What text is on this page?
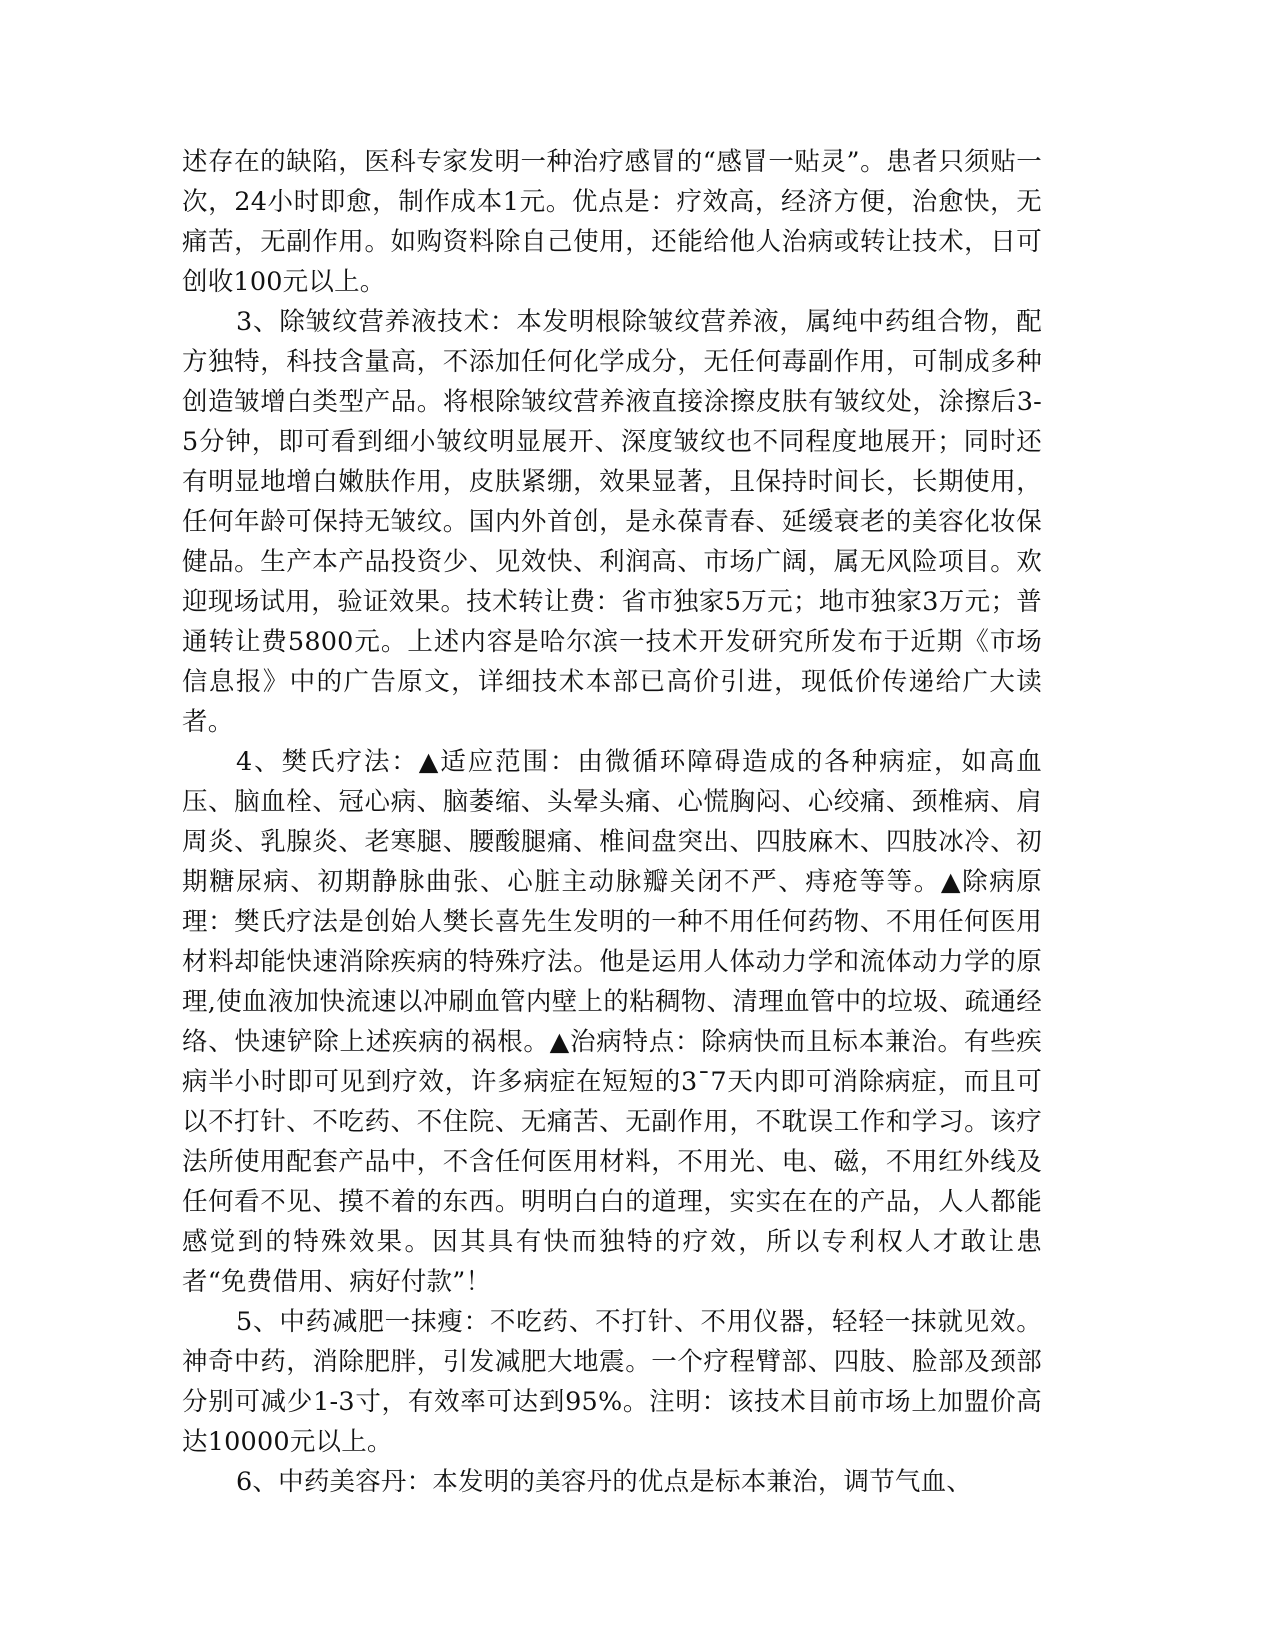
述存在的缺陷，医科专家发明一种治疗感冒的“感冒一贴灵”。患者只须贴一次，24小时即愈，制作成本1元。优点是：疗效高，经济方便，治愈快，无痛苦，无副作用。如购资料除自己使用，还能给他人治病或转让技术，日可创收100元以上。

3、除皱纹营养液技术：本发明根除皱纹营养液，属纯中药组合物，配方独特，科技含量高，不添加任何化学成分，无任何毒副作用，可制成多种创造皱增白类型产品。将根除皱纹营养液直接涂擦皮肤有皱纹处，涂擦后3-5分钟，即可看到细小皱纹明显展开、深度皱纹也不同程度地展开；同时还有明显地增白嫩肤作用，皮肤紧绷，效果显著，且保持时间长，长期使用，任何年龄可保持无皱纹。国内外首创，是永葆青春、延缓衰老的美容化妆保健品。生产本产品投资少、见效快、利润高、市场广阔，属无风险项目。欢迎现场试用，验证效果。技术转让费：省市独家5万元；地市独家3万元；普通转让费5800元。上述内容是哈尔滨一技术开发研究所发布于近期《市场信息报》中的广告原文，详细技术本部已高价引进，现低价传递给广大读者。

4、樊氏疗法：▲适应范围：由微循环障碍造成的各种病症，如高血压、脑血栓、冠心病、脑萎缩、头晕头痛、心慌胸闷、心绞痛、颈椎病、肩周炎、乳腺炎、老寒腿、腰酸腿痛、椎间盘突出、四肢麻木、四肢冰冷、初期糖尿病、初期静脉曲张、心脏主动脉瓣关闭不严、痔疮等等。▲除病原理：樊氏疗法是创始人樊长喜先生发明的一种不用任何药物、不用任何医用材料却能快速消除疾病的特殊疗法。他是运用人体动力学和流体动力学的原理,使血液加快流速以冲刷血管内壁上的粘稠物、清理血管中的垃圾、疏通经络、快速铲除上述疾病的祸根。▲治病特点：除病快而且标本兼治。有些疾病半小时即可见到疗效，许多病症在短短的3¯7天内即可消除病症，而且可以不打针、不吃药、不住院、无痛苦、无副作用，不耽误工作和学习。该疗法所使用配套产品中，不含任何医用材料，不用光、电、磁，不用红外线及任何看不见、摸不着的东西。明明白白的道理，实实在在的产品，人人都能感觉到的特殊效果。因其具有快而独特的疗效，所以专利权人才敢让患者“免费借用、病好付款”！

5、中药减肥一抹瘦：不吃药、不打针、不用仪器，轻轻一抹就见效。神奇中药，消除肥胖，引发减肥大地震。一个疗程臂部、四肢、脸部及颈部分别可减少1-3寸，有效率可达到95%。注明：该技术目前市场上加盟价高达10000元以上。

6、中药美容丹：本发明的美容丹的优点是标本兼治，调节气血、
